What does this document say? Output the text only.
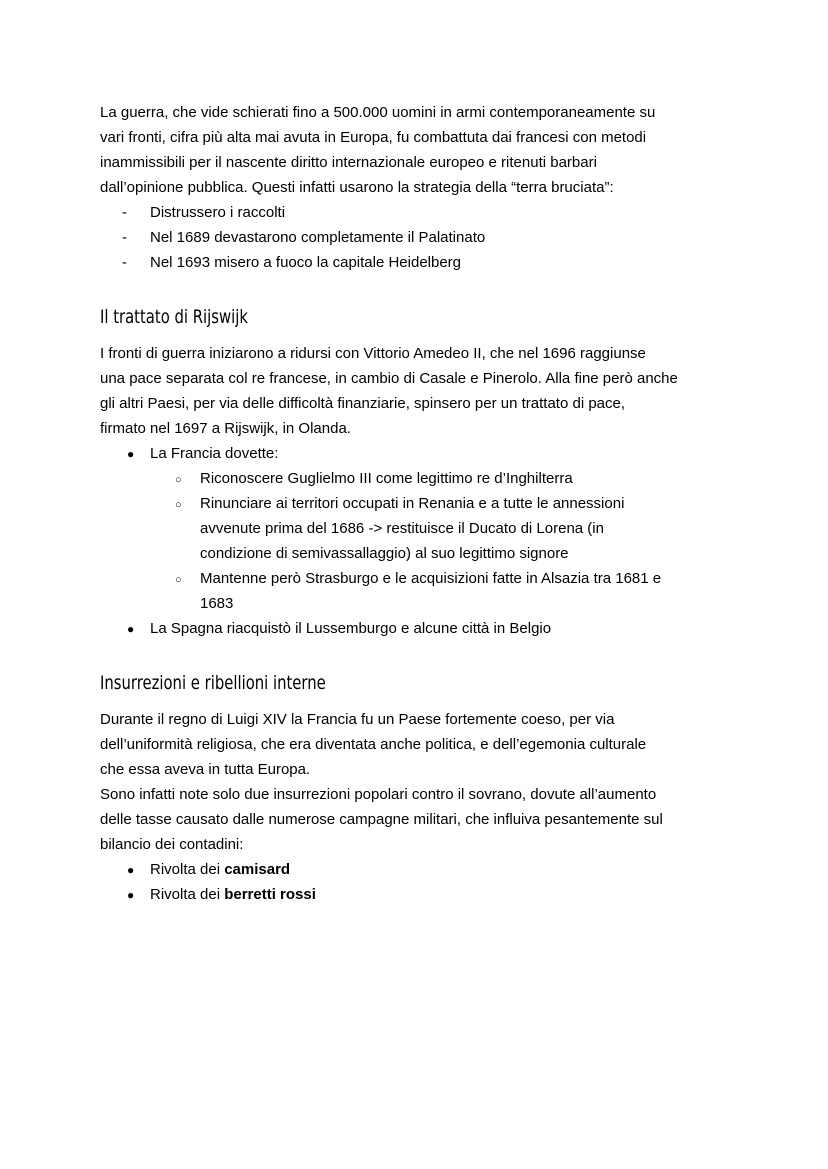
La guerra, che vide schierati fino a 500.000 uomini in armi contemporaneamente su
vari fronti, cifra più alta mai avuta in Europa, fu combattuta dai francesi con metodi
inammissibili per il nascente diritto internazionale europeo e ritenuti barbari
dall’opinione pubblica. Questi infatti usarono la strategia della “terra bruciata”:
- Distrussero i raccolti
- Nel 1689 devastarono completamente il Palatinato
- Nel 1693 misero a fuoco la capitale Heidelberg
Il trattato di Rijswijk
I fronti di guerra iniziarono a ridursi con Vittorio Amedeo II, che nel 1696 raggiunse
una pace separata col re francese, in cambio di Casale e Pinerolo. Alla fine però anche
gli altri Paesi, per via delle difficoltà finanziarie, spinsero per un trattato di pace,
firmato nel 1697 a Rijswijk, in Olanda.
● La Francia dovette:
○ Riconoscere Guglielmo III come legittimo re d’Inghilterra
○ Rinunciare ai territori occupati in Renania e a tutte le annessioni
avvenute prima del 1686 -> restituisce il Ducato di Lorena (in
condizione di semivassallaggio) al suo legittimo signore
○ Mantenne però Strasburgo e le acquisizioni fatte in Alsazia tra 1681 e
1683
● La Spagna riacquistò il Lussemburgo e alcune città in Belgio
Insurrezioni e ribellioni interne
Durante il regno di Luigi XIV la Francia fu un Paese fortemente coeso, per via
dell’uniformità religiosa, che era diventata anche politica, e dell’egemonia culturale
che essa aveva in tutta Europa.
Sono infatti note solo due insurrezioni popolari contro il sovrano, dovute all’aumento
delle tasse causato dalle numerose campagne militari, che influiva pesantemente sul
bilancio dei contadini:
● Rivolta dei camisard
● Rivolta dei berretti rossi
